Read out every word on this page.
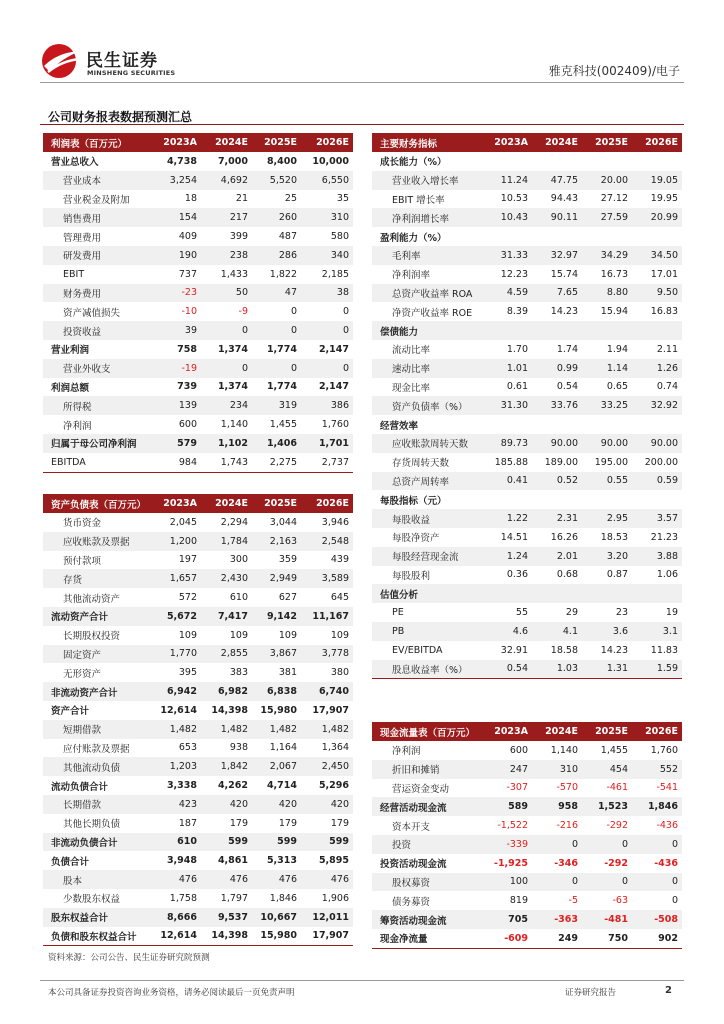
民生证券
MINSHENG SECURITIES	雅克科技(002409)/电子
公司财务报表数据预测汇总
利润表（百万元）	2023A	2024E	2025E	2026E
营业总收入	4,738	7,000	8,400	10,000
营业成本	3,254	4,692	5,520	6,550
营业税金及附加	18	21	25	35
销售费用	154	217	260	310
管理费用	409	399	487	580
研发费用	190	238	286	340
EBIT	737	1,433	1,822	2,185
财务费用	-23	50	47	38
资产减值损失	-10	-9	0	0
投资收益	39	0	0	0
营业利润	758	1,374	1,774	2,147
营业外收支	-19	0	0	0
利润总额	739	1,374	1,774	2,147
所得税	139	234	319	386
净利润	600	1,140	1,455	1,760
归属于母公司净利润	579	1,102	1,406	1,701
EBITDA	984	1,743	2,275	2,737
资产负债表（百万元）	2023A	2024E	2025E	2026E
货币资金	2,045	2,294	3,044	3,946
应收账款及票据	1,200	1,784	2,163	2,548
预付款项	197	300	359	439
存货	1,657	2,430	2,949	3,589
其他流动资产	572	610	627	645
流动资产合计	5,672	7,417	9,142	11,167
长期股权投资	109	109	109	109
固定资产	1,770	2,855	3,867	3,778
无形资产	395	383	381	380
非流动资产合计	6,942	6,982	6,838	6,740
资产合计	12,614	14,398	15,980	17,907
短期借款	1,482	1,482	1,482	1,482
应付账款及票据	653	938	1,164	1,364
其他流动负债	1,203	1,842	2,067	2,450
流动负债合计	3,338	4,262	4,714	5,296
长期借款	423	420	420	420
其他长期负债	187	179	179	179
非流动负债合计	610	599	599	599
负债合计	3,948	4,861	5,313	5,895
股本	476	476	476	476
少数股东权益	1,758	1,797	1,846	1,906
股东权益合计	8,666	9,537	10,667	12,011
负债和股东权益合计	12,614	14,398	15,980	17,907
主要财务指标	2023A	2024E	2025E	2026E
成长能力（%）				
营业收入增长率	11.24	47.75	20.00	19.05
EBIT 增长率	10.53	94.43	27.12	19.95
净利润增长率	10.43	90.11	27.59	20.99
盈利能力（%）				
毛利率	31.33	32.97	34.29	34.50
净利润率	12.23	15.74	16.73	17.01
总资产收益率 ROA	4.59	7.65	8.80	9.50
净资产收益率 ROE	8.39	14.23	15.94	16.83
偿债能力				
流动比率	1.70	1.74	1.94	2.11
速动比率	1.01	0.99	1.14	1.26
现金比率	0.61	0.54	0.65	0.74
资产负债率（%）	31.30	33.76	33.25	32.92
经营效率				
应收账款周转天数	89.73	90.00	90.00	90.00
存货周转天数	185.88	189.00	195.00	200.00
总资产周转率	0.41	0.52	0.55	0.59
每股指标（元）				
每股收益	1.22	2.31	2.95	3.57
每股净资产	14.51	16.26	18.53	21.23
每股经营现金流	1.24	2.01	3.20	3.88
每股股利	0.36	0.68	0.87	1.06
估值分析				
PE	55	29	23	19
PB	4.6	4.1	3.6	3.1
EV/EBITDA	32.91	18.58	14.23	11.83
股息收益率（%）	0.54	1.03	1.31	1.59
现金流量表（百万元）	2023A	2024E	2025E	2026E
净利润	600	1,140	1,455	1,760
折旧和摊销	247	310	454	552
营运资金变动	-307	-570	-461	-541
经营活动现金流	589	958	1,523	1,846
资本开支	-1,522	-216	-292	-436
投资	-339	0	0	0
投资活动现金流	-1,925	-346	-292	-436
股权募资	100	0	0	0
债务募资	819	-5	-63	0
筹资活动现金流	705	-363	-481	-508
现金净流量	-609	249	750	902
资料来源：公司公告、民生证券研究院预测
本公司具备证券投资咨询业务资格，请务必阅读最后一页免责声明	证券研究报告	2
